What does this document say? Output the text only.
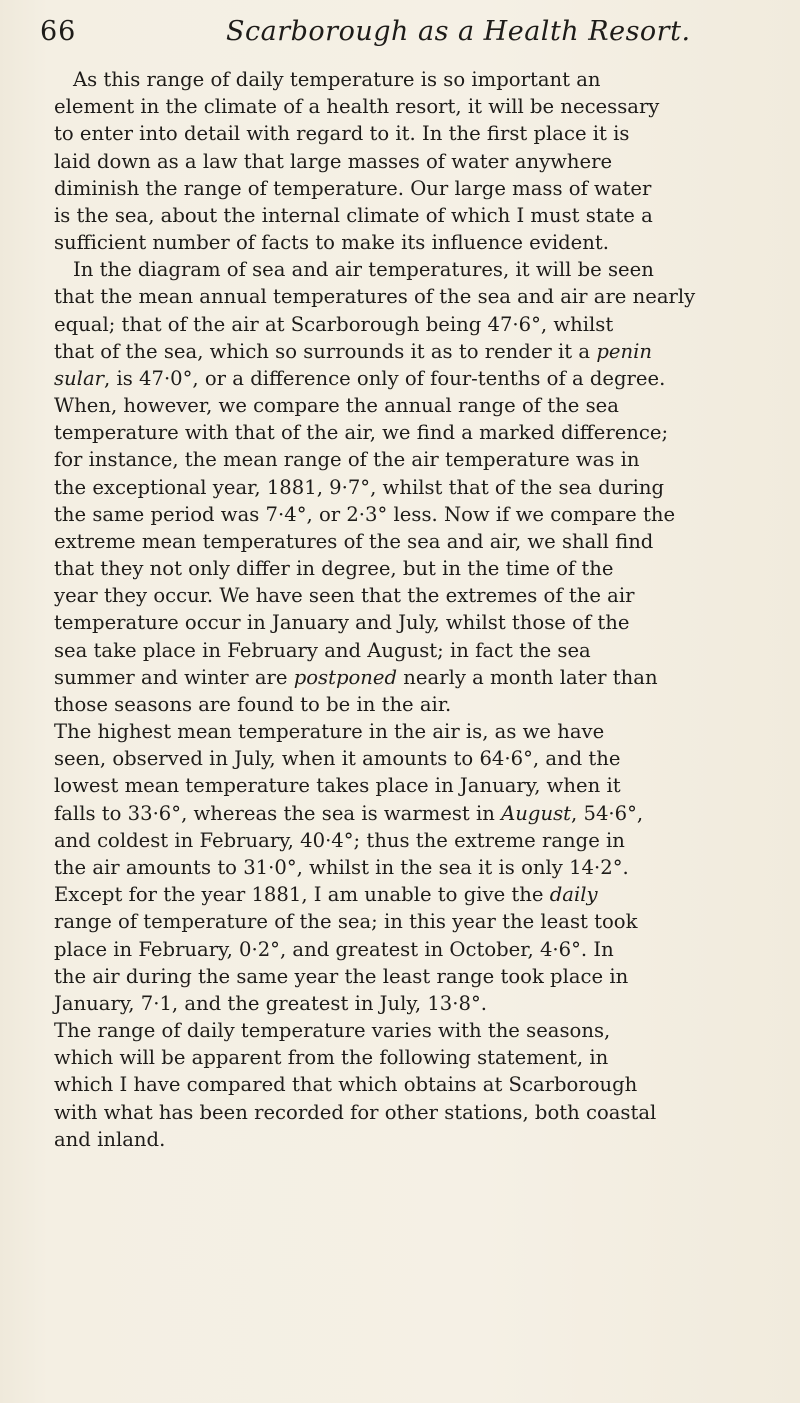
66	Scarborough as a Health Resort.
As this range of daily temperature is so important an
element in the climate of a health resort, it will be necessary
to enter into detail with regard to it. In the first place it is
laid down as a law that large masses of water anywhere
diminish the range of temperature. Our large mass of water
is the sea, about the internal climate of which I must state a
sufficient number of facts to make its influence evident.
In the diagram of sea and air temperatures, it will be seen
that the mean annual temperatures of the sea and air are nearly
equal; that of the air at Scarborough being 47·6°, whilst
that of the sea, which so surrounds it as to render it a penin
sular, is 47·0°, or a difference only of four-tenths of a degree.
When, however, we compare the annual range of the sea
temperature with that of the air, we find a marked difference;
for instance, the mean range of the air temperature was in
the exceptional year, 1881, 9·7°, whilst that of the sea during
the same period was 7·4°, or 2·3° less. Now if we compare the
extreme mean temperatures of the sea and air, we shall find
that they not only differ in degree, but in the time of the
year they occur. We have seen that the extremes of the air
temperature occur in January and July, whilst those of the
sea take place in February and August; in fact the sea
summer and winter are postponed nearly a month later than
those seasons are found to be in the air.
The highest mean temperature in the air is, as we have
seen, observed in July, when it amounts to 64·6°, and the
lowest mean temperature takes place in January, when it
falls to 33·6°, whereas the sea is warmest in August, 54·6°,
and coldest in February, 40·4°; thus the extreme range in
the air amounts to 31·0°, whilst in the sea it is only 14·2°.
Except for the year 1881, I am unable to give the daily
range of temperature of the sea; in this year the least took
place in February, 0·2°, and greatest in October, 4·6°. In
the air during the same year the least range took place in
January, 7·1, and the greatest in July, 13·8°.
The range of daily temperature varies with the seasons,
which will be apparent from the following statement, in
which I have compared that which obtains at Scarborough
with what has been recorded for other stations, both coastal
and inland.
